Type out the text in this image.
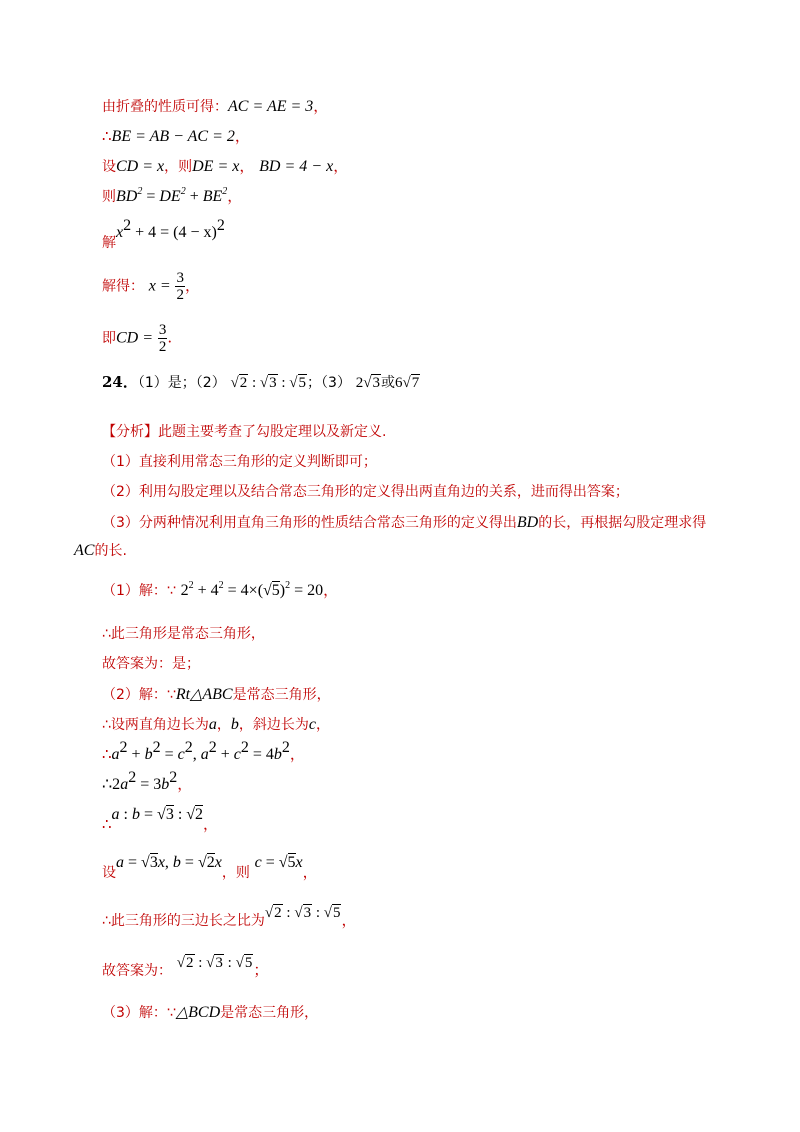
由折叠的性质可得：AC = AE = 3，
∴BE = AB − AC = 2，
设CD = x，则DE = x， BD = 4 − x，
则$BD^2 = DE^2 + BE^2$，
解$x^2 + 4 = (4 - x)^2$
解得： $x = \frac{3}{2}$ ，
即CD = $\frac{3}{2}$ .
24．（1）是；（2） √2 : √3 : √5；（3） 2√3或6√7
【分析】此题主要考查了勾股定理以及新定义.
（1）直接利用常态三角形的定义判断即可；
（2）利用勾股定理以及结合常态三角形的定义得出两直角边的关系，进而得出答案；
（3）分两种情况利用直角三角形的性质结合常态三角形的定义得出BD的长，再根据勾股定理求得
AC的长.
（1）解：∵ $2^2 + 4^2 = 4\times(√5)^2 = 20$，
∴此三角形是常态三角形，
故答案为：是；
（2）解：∵Rt△ABC是常态三角形，
∴设两直角边长为a，b，斜边长为c，
$\therefore a^2 + b^2 = c^2$, $a^2 + c^2 = 4b^2$，
$\therefore 2a^2 = 3b^2$，
∴a : b = √3 : √2，
设a = √3x, b = √2x，则 c = √5x，
∴此三角形的三边长之比为√2 : √3 : √5，
故答案为： √2 : √3 : √5；
（3）解：∵△BCD是常态三角形，
